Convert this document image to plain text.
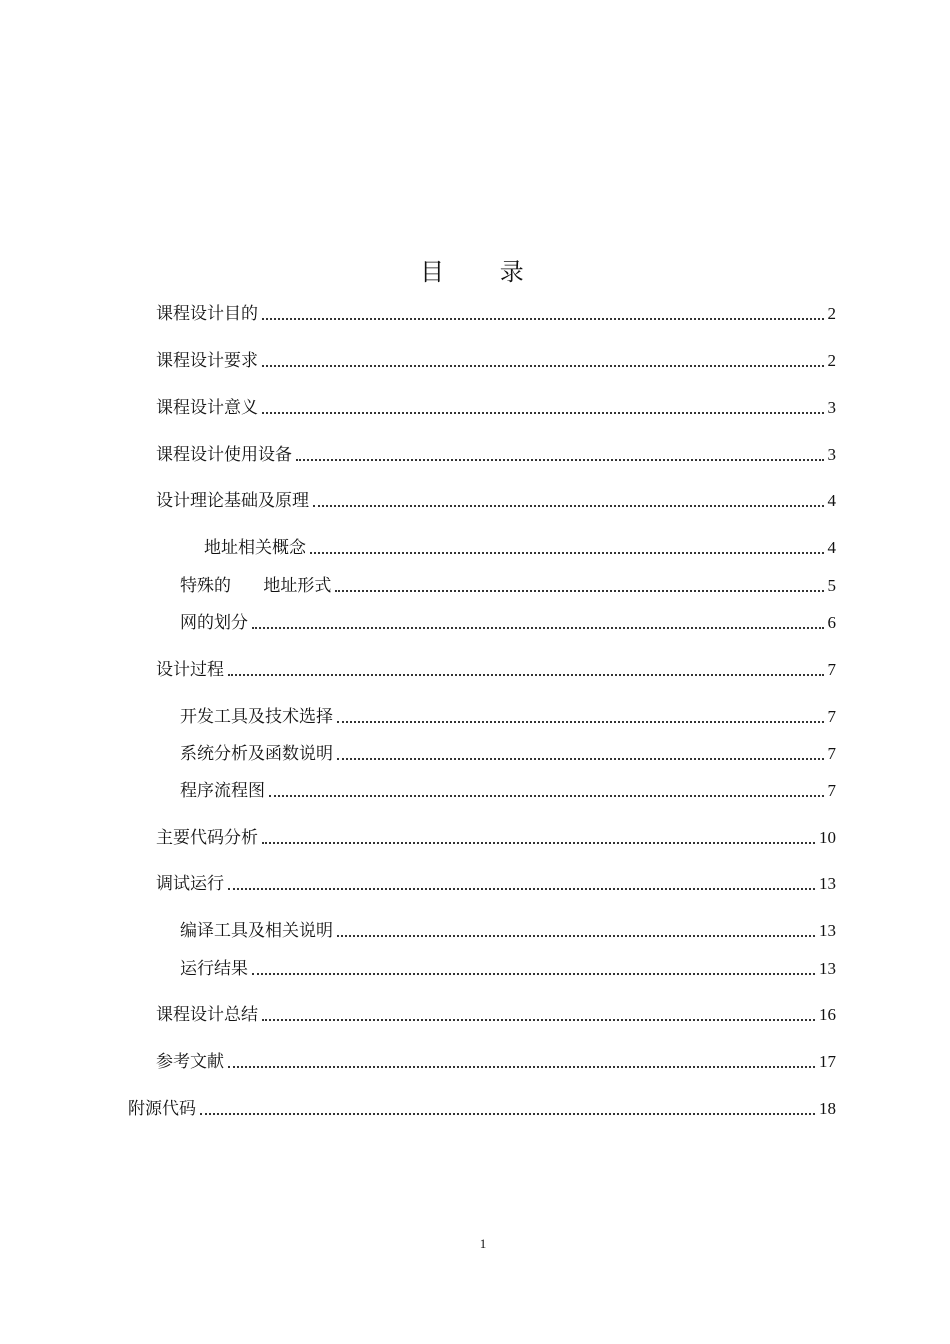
目 录
课程设计目的	2
课程设计要求	2
课程设计意义	3
课程设计使用设备	3
设计理论基础及原理	4
地址相关概念	4
特殊的      地址形式	5
网的划分	6
设计过程	7
开发工具及技术选择	7
系统分析及函数说明	7
程序流程图	7
主要代码分析	10
调试运行	13
编译工具及相关说明	13
运行结果	13
课程设计总结	16
参考文献	17
附源代码	18
1
